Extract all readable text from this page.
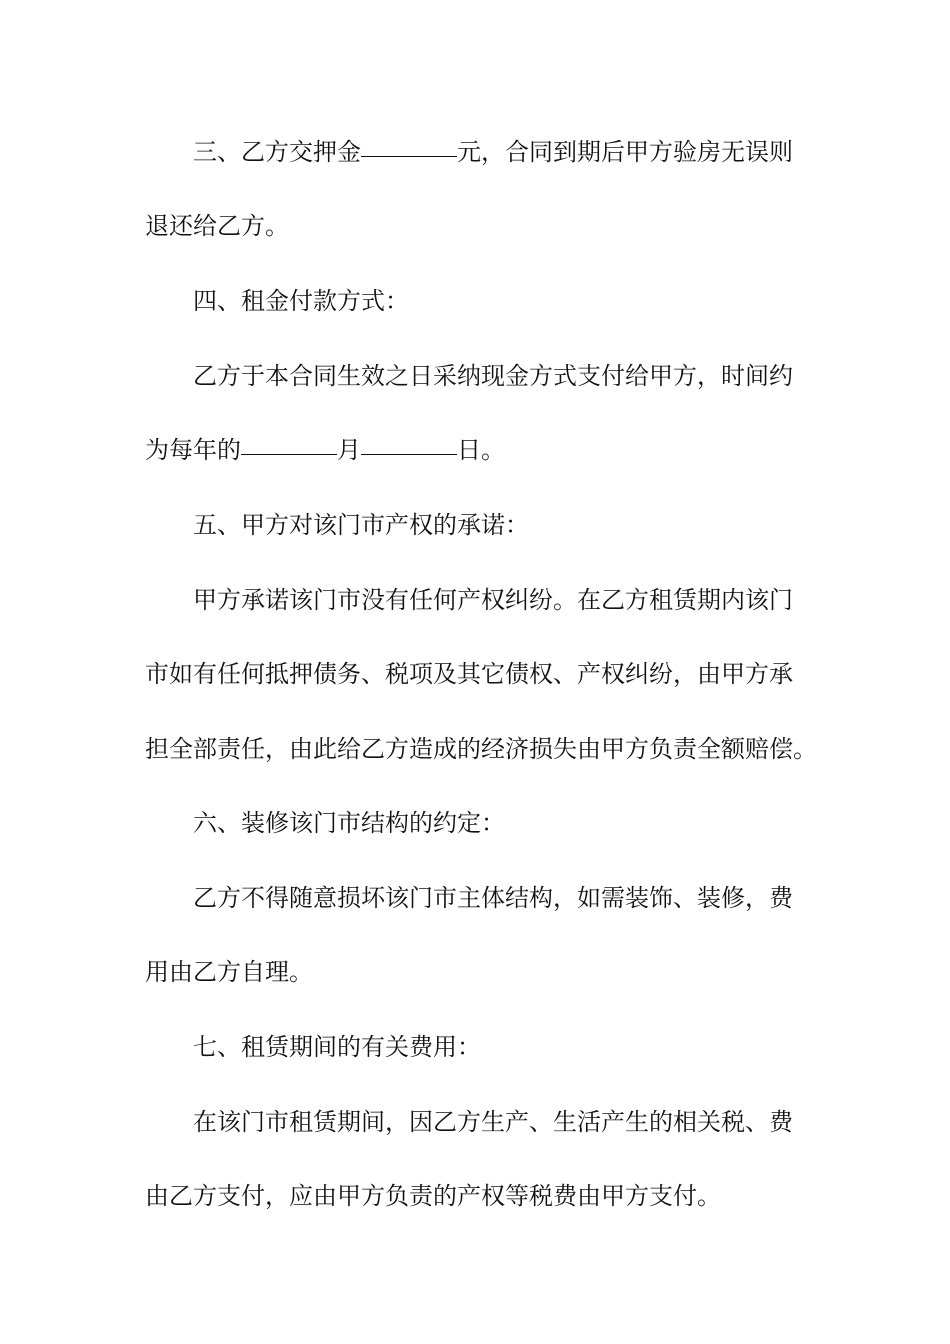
三、乙方交押金	元，合同到期后甲方验房无误则
退还给乙方。
四、租金付款方式：
乙方于本合同生效之日采纳现金方式支付给甲方，时间约
为每年的	月	日。
五、甲方对该门市产权的承诺：
甲方承诺该门市没有任何产权纠纷。在乙方租赁期内该门
市如有任何抵押债务、税项及其它债权、产权纠纷，由甲方承
担全部责任，由此给乙方造成的经济损失由甲方负责全额赔偿。
六、装修该门市结构的约定：
乙方不得随意损坏该门市主体结构，如需装饰、装修，费
用由乙方自理。
七、租赁期间的有关费用：
在该门市租赁期间，因乙方生产、生活产生的相关税、费
由乙方支付，应由甲方负责的产权等税费由甲方支付。
